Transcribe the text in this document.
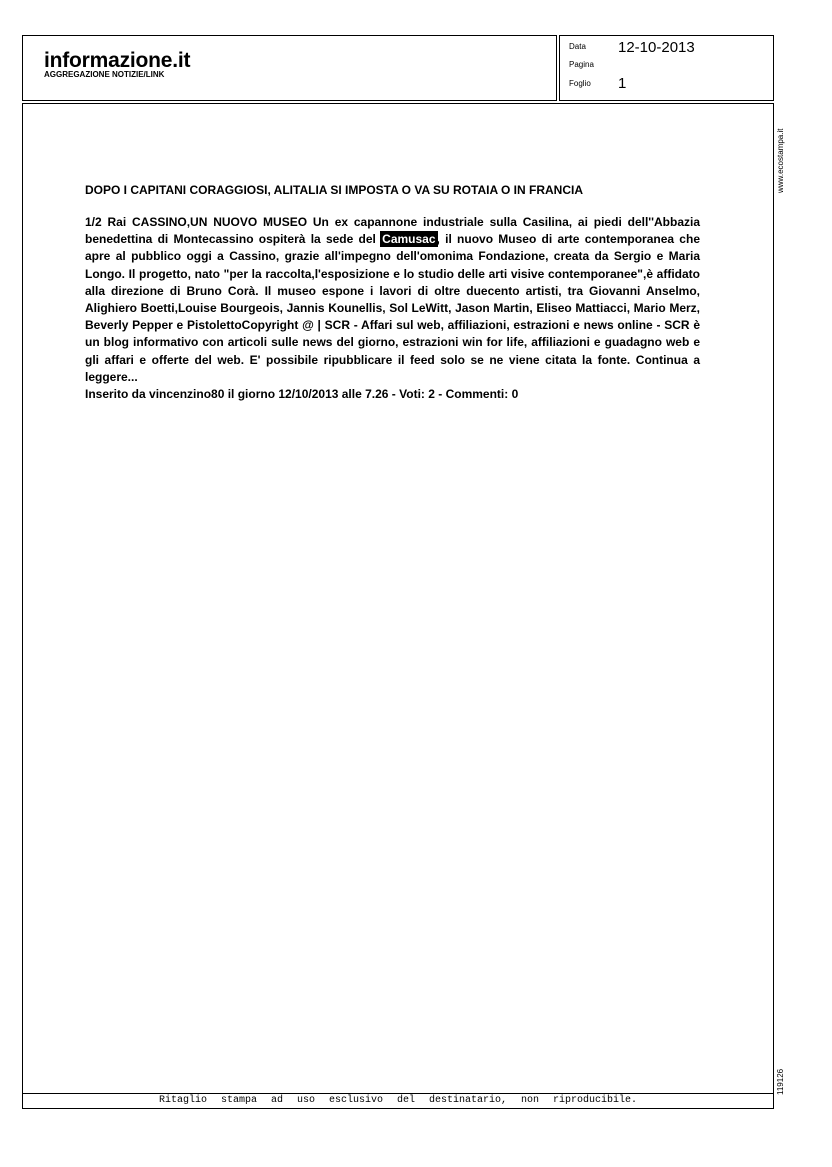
informazione.it
AGGREGAZIONE NOTIZIE/LINK
Data 12-10-2013
Pagina
Foglio 1
Ritaglio stampa ad uso esclusivo del destinatario, non riproducibile.
www.ecostampa.it
119126
DOPO I CAPITANI CORAGGIOSI, ALITALIA SI IMPOSTA O VA SU ROTAIA O IN FRANCIA

1/2 Rai CASSINO,UN NUOVO MUSEO Un ex capannone industriale sulla Casilina, ai piedi dell''Abbazia benedettina di Montecassino ospiterà la sede del Camusac, il nuovo Museo di arte contemporanea che apre al pubblico oggi a Cassino, grazie all'impegno dell'omonima Fondazione, creata da Sergio e Maria Longo. Il progetto, nato "per la raccolta,l'esposizione e lo studio delle arti visive contemporanee",è affidato alla direzione di Bruno Corà. Il museo espone i lavori di oltre duecento artisti, tra Giovanni Anselmo, Alighiero Boetti,Louise Bourgeois, Jannis Kounellis, Sol LeWitt, Jason Martin, Eliseo Mattiacci, Mario Merz, Beverly Pepper e PistolettoCopyright @ | SCR - Affari sul web, affiliazioni, estrazioni e news online - SCR è un blog informativo con articoli sulle news del giorno, estrazioni win for life, affiliazioni e guadagno web e gli affari e offerte del web. E' possibile ripubblicare il feed solo se ne viene citata la fonte. Continua a leggere...

Inserito da vincenzino80 il giorno 12/10/2013 alle 7.26 - Voti: 2 - Commenti: 0
